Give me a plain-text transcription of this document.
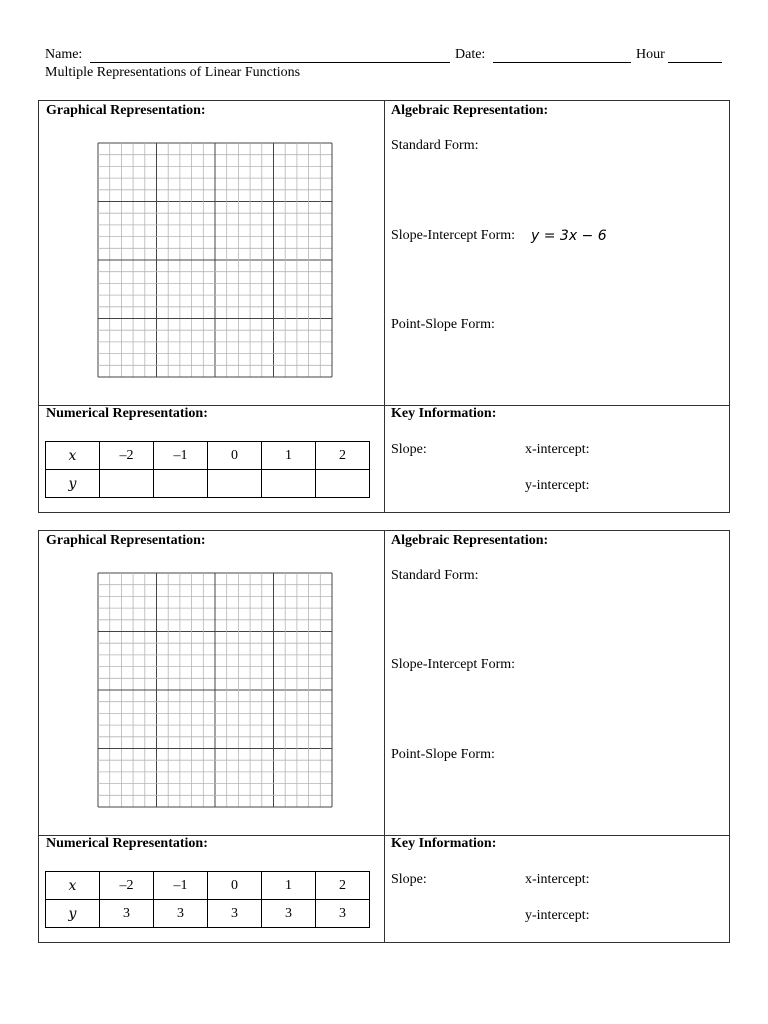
Name:	Date:	Hour
Multiple Representations of Linear Functions
Graphical Representation:	Algebraic Representation:
Standard Form:
Slope-Intercept Form: y = 3x − 6
Point-Slope Form:
Numerical Representation:
x	–2	–1	0	1	2
y					
Key Information:
Slope:	x-intercept:
y-intercept:
Graphical Representation:	Algebraic Representation:
Standard Form:
Slope-Intercept Form:
Point-Slope Form:
Numerical Representation:
x	–2	–1	0	1	2
y	3	3	3	3	3
Key Information:
Slope:	x-intercept:
y-intercept:
